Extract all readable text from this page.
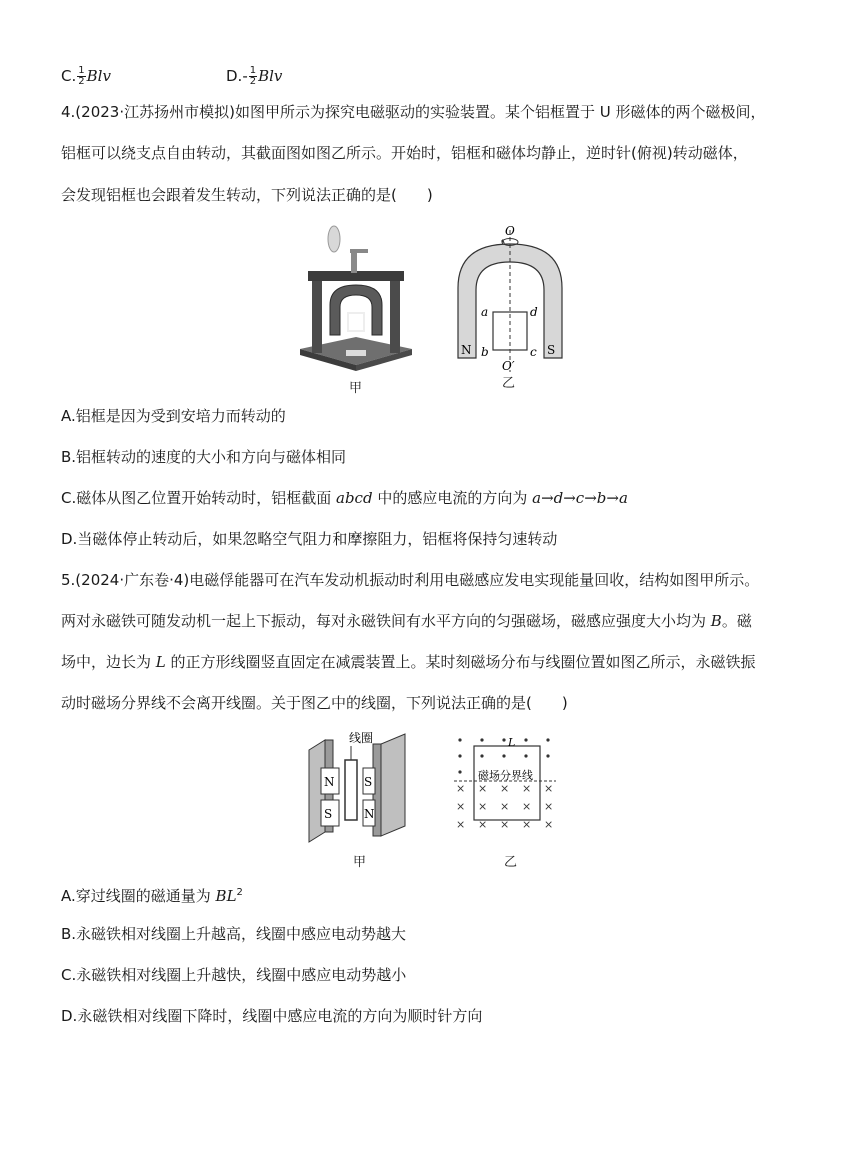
C. $\frac{1}{2}$ Blv	$D.- \frac{1}{2}$ Blv
4.(2023·江苏扬州市模拟)如图甲所示为探究电磁驱动的实验装置。某个铝框置于 U 形磁体的两个磁极间，
铝框可以绕支点自由转动，其截面图如图乙所示。开始时，铝框和磁体均静止，逆时针(俯视)转动磁体，
会发现铝框也会跟着发生转动，下列说法正确的是(　　)
甲
O
O′
a
b	c
d
N	S
乙
A.铝框是因为受到安培力而转动的
B.铝框转动的速度的大小和方向与磁体相同
C.磁体从图乙位置开始转动时，铝框截面 abcd 中的感应电流的方向为 a→d→c→b→a
D.当磁体停止转动后，如果忽略空气阻力和摩擦阻力，铝框将保持匀速转动
5.(2024·广东卷·4)电磁俘能器可在汽车发动机振动时利用电磁感应发电实现能量回收，结构如图甲所示。
两对永磁铁可随发动机一起上下振动，每对永磁铁间有水平方向的匀强磁场，磁感应强度大小均为 B。磁
场中，边长为 L 的正方形线圈竖直固定在减震装置上。某时刻磁场分布与线圈位置如图乙所示，永磁铁振
动时磁场分界线不会离开线圈。关于图乙中的线圈，下列说法正确的是(　　)
线圈
N S
S	N
甲
× × × × ×
× × × × ×
× × × × ×
L
磁场分界线
乙
A.穿过线圈的磁通量为 $BL^2$
B.永磁铁相对线圈上升越高，线圈中感应电动势越大
C.永磁铁相对线圈上升越快，线圈中感应电动势越小
D.永磁铁相对线圈下降时，线圈中感应电流的方向为顺时针方向
